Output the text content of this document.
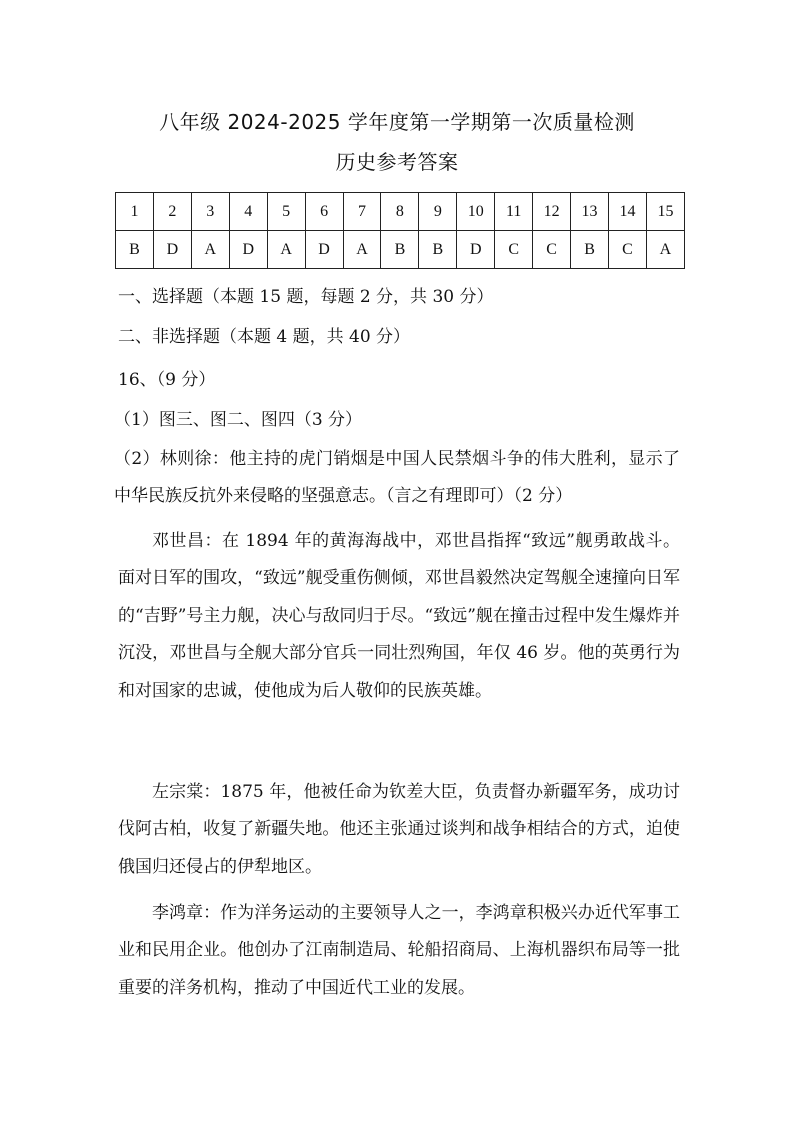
八年级 2024-2025 学年度第一学期第一次质量检测
历史参考答案
1	2	3	4	5	6	7	8	9	10	11	12	13	14	15
B	D	A	D	A	D	A	B	B	D	C	C	B	C	A
一、选择题（本题 15 题，每题 2 分，共 30 分）
二、非选择题（本题 4 题，共 40 分）
16、（9 分）
（1）图三、图二、图四（3 分）
（2）林则徐：他主持的虎门销烟是中国人民禁烟斗争的伟大胜利，显示了中华民族反抗外来侵略的坚强意志。（言之有理即可）（2 分）
邓世昌：在 1894 年的黄海海战中，邓世昌指挥“致远”舰勇敢战斗。面对日军的围攻，“致远”舰受重伤侧倾，邓世昌毅然决定驾舰全速撞向日军的“吉野”号主力舰，决心与敌同归于尽。“致远”舰在撞击过程中发生爆炸并沉没，邓世昌与全舰大部分官兵一同壮烈殉国，年仅 46 岁。他的英勇行为和对国家的忠诚，使他成为后人敬仰的民族英雄。
左宗棠：1875 年，他被任命为钦差大臣，负责督办新疆军务，成功讨伐阿古柏，收复了新疆失地。他还主张通过谈判和战争相结合的方式，迫使俄国归还侵占的伊犁地区。
李鸿章：作为洋务运动的主要领导人之一，李鸿章积极兴办近代军事工业和民用企业。他创办了江南制造局、轮船招商局、上海机器织布局等一批重要的洋务机构，推动了中国近代工业的发展。
